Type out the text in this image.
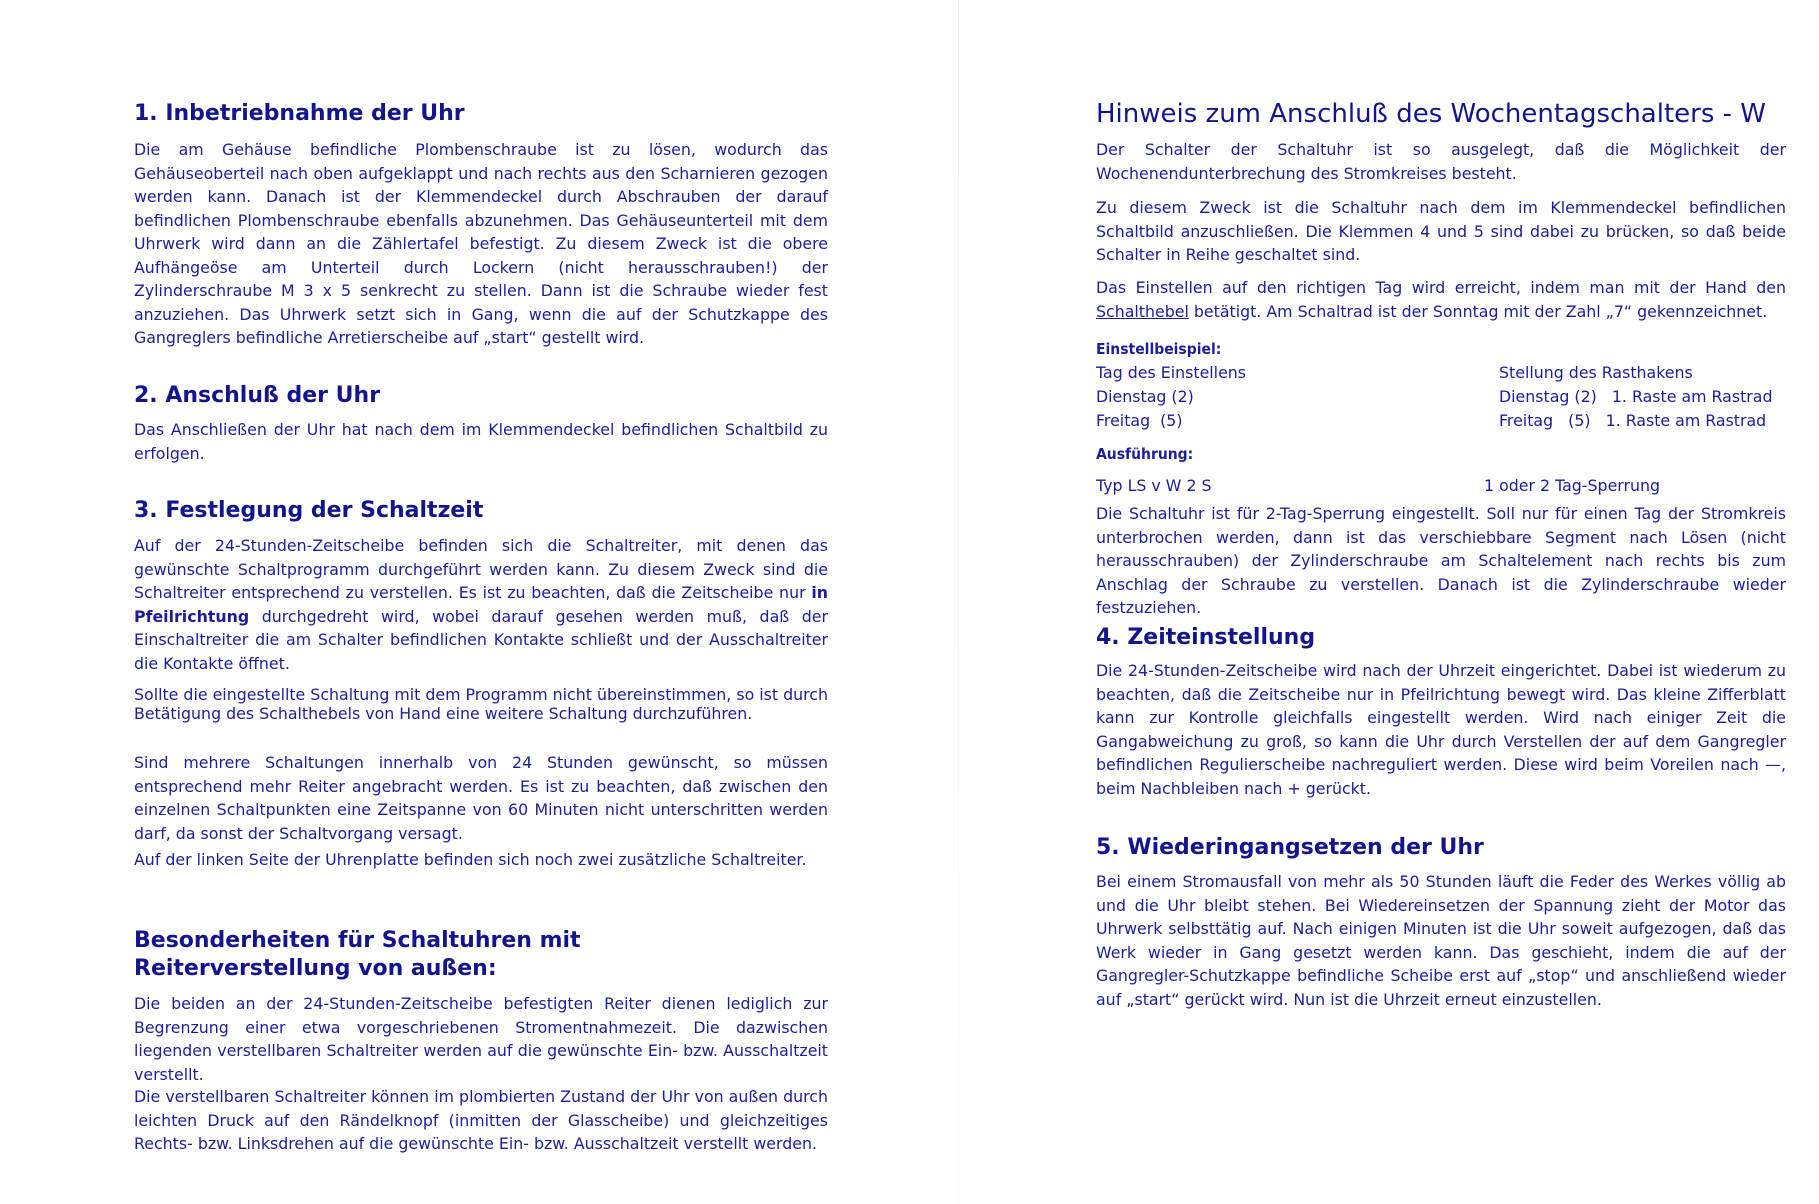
1. Inbetriebnahme der Uhr

Die am Gehäuse befindliche Plombenschraube ist zu lösen, wodurch das Gehäuseoberteil nach oben aufgeklappt und nach rechts aus den Scharnieren gezogen werden kann. Danach ist der Klemmendeckel durch Abschrauben der darauf befindlichen Plombenschraube ebenfalls abzunehmen. Das Gehäuseunterteil mit dem Uhrwerk wird dann an die Zählertafel befestigt. Zu diesem Zweck ist die obere Aufhängeöse am Unterteil durch Lockern (nicht herausschrauben!) der Zylinderschraube M 3 x 5 senkrecht zu stellen. Dann ist die Schraube wieder fest anzuziehen. Das Uhrwerk setzt sich in Gang, wenn die auf der Schutzkappe des Gangreglers befindliche Arretierscheibe auf „start“ gestellt wird.

2. Anschluß der Uhr

Das Anschließen der Uhr hat nach dem im Klemmendeckel befindlichen Schaltbild zu erfolgen.

3. Festlegung der Schaltzeit

Auf der 24-Stunden-Zeitscheibe befinden sich die Schaltreiter, mit denen das gewünschte Schaltprogramm durchgeführt werden kann. Zu diesem Zweck sind die Schaltreiter entsprechend zu verstellen. Es ist zu beachten, daß die Zeitscheibe nur in Pfeilrichtung durchgedreht wird, wobei darauf gesehen werden muß, daß der Einschaltreiter die am Schalter befindlichen Kontakte schließt und der Ausschaltreiter die Kontakte öffnet.

Sollte die eingestellte Schaltung mit dem Programm nicht übereinstimmen, so ist durch Betätigung des Schalthebels von Hand eine weitere Schaltung durchzuführen.

Sind mehrere Schaltungen innerhalb von 24 Stunden gewünscht, so müssen entsprechend mehr Reiter angebracht werden. Es ist zu beachten, daß zwischen den einzelnen Schaltpunkten eine Zeitspanne von 60 Minuten nicht unterschritten werden darf, da sonst der Schaltvorgang versagt.

Auf der linken Seite der Uhrenplatte befinden sich noch zwei zusätzliche Schaltreiter.

Besonderheiten für Schaltuhren mit Reiterverstellung von außen:

Die beiden an der 24-Stunden-Zeitscheibe befestigten Reiter dienen lediglich zur Begrenzung einer etwa vorgeschriebenen Stromentnahmezeit. Die dazwischen liegenden verstellbaren Schaltreiter werden auf die gewünschte Ein- bzw. Ausschaltzeit verstellt.

Die verstellbaren Schaltreiter können im plombierten Zustand der Uhr von außen durch leichten Druck auf den Rändelknopf (inmitten der Glasscheibe) und gleichzeitiges Rechts- bzw. Linksdrehen auf die gewünschte Ein- bzw. Ausschaltzeit verstellt werden.

Hinweis zum Anschluß des Wochentagschalters - W

Der Schalter der Schaltuhr ist so ausgelegt, daß die Möglichkeit der Wochenendunterbrechung des Stromkreises besteht.

Zu diesem Zweck ist die Schaltuhr nach dem im Klemmendeckel befindlichen Schaltbild anzuschließen. Die Klemmen 4 und 5 sind dabei zu brücken, so daß beide Schalter in Reihe geschaltet sind.

Das Einstellen auf den richtigen Tag wird erreicht, indem man mit der Hand den Schalthebel betätigt. Am Schaltrad ist der Sonntag mit der Zahl „7“ gekennzeichnet.

Einstellbeispiel:
Tag des Einstellens	Stellung des Rasthakens
Dienstag (2)	Dienstag (2)   1. Raste am Rastrad
Freitag  (5)	Freitag   (5)   1. Raste am Rastrad
Ausführung:
Typ LS v W 2 S	1 oder 2 Tag-Sperrung

Die Schaltuhr ist für 2-Tag-Sperrung eingestellt. Soll nur für einen Tag der Stromkreis unterbrochen werden, dann ist das verschiebbare Segment nach Lösen (nicht herausschrauben) der Zylinderschraube am Schaltelement nach rechts bis zum Anschlag der Schraube zu verstellen. Danach ist die Zylinderschraube wieder festzuziehen.

4. Zeiteinstellung

Die 24-Stunden-Zeitscheibe wird nach der Uhrzeit eingerichtet. Dabei ist wiederum zu beachten, daß die Zeitscheibe nur in Pfeilrichtung bewegt wird. Das kleine Zifferblatt kann zur Kontrolle gleichfalls eingestellt werden. Wird nach einiger Zeit die Gangabweichung zu groß, so kann die Uhr durch Verstellen der auf dem Gangregler befindlichen Regulierscheibe nachreguliert werden. Diese wird beim Voreilen nach —, beim Nachbleiben nach + gerückt.

5. Wiederingangsetzen der Uhr

Bei einem Stromausfall von mehr als 50 Stunden läuft die Feder des Werkes völlig ab und die Uhr bleibt stehen. Bei Wiedereinsetzen der Spannung zieht der Motor das Uhrwerk selbsttätig auf. Nach einigen Minuten ist die Uhr soweit aufgezogen, daß das Werk wieder in Gang gesetzt werden kann. Das geschieht, indem die auf der Gangregler-Schutzkappe befindliche Scheibe erst auf „stop“ und anschließend wieder auf „start“ gerückt wird. Nun ist die Uhrzeit erneut einzustellen.
